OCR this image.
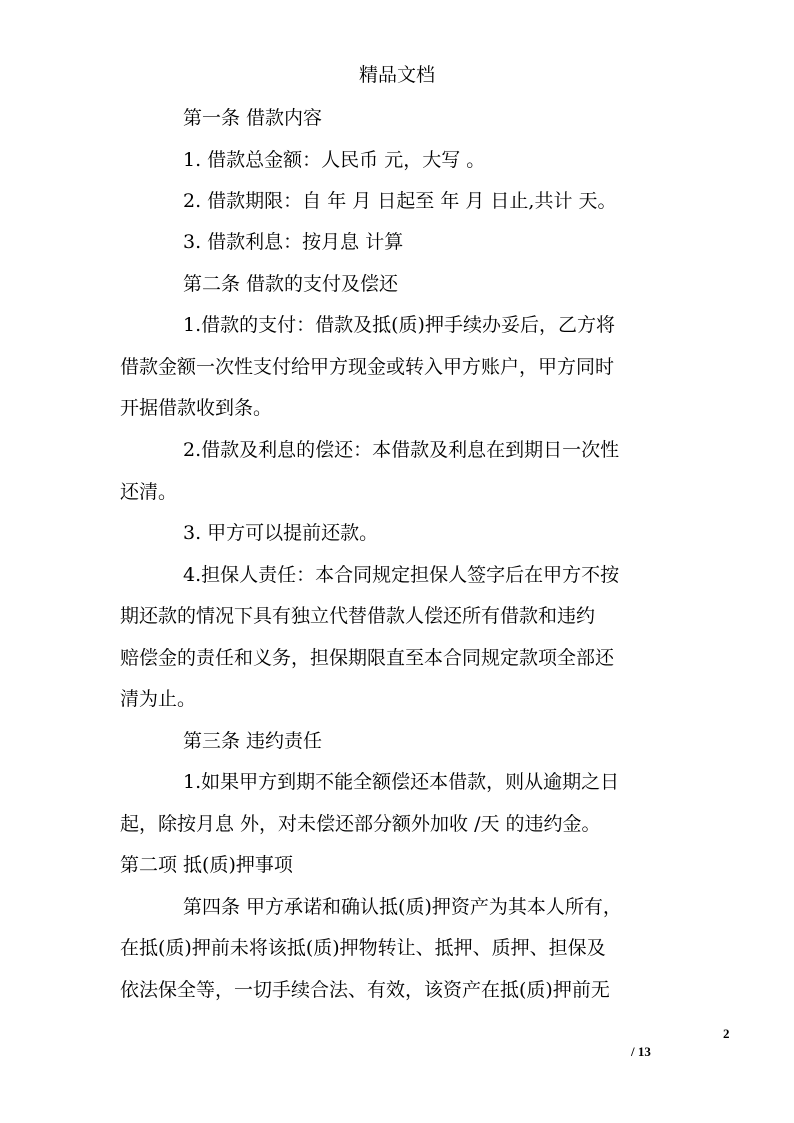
精品文档
第一条 借款内容
1. 借款总金额：人民币 元，大写 。
2. 借款期限：自 年 月 日起至 年 月 日止,共计 天。
3. 借款利息：按月息 计算
第二条 借款的支付及偿还
1.借款的支付：借款及抵(质)押手续办妥后，乙方将
借款金额一次性支付给甲方现金或转入甲方账户，甲方同时
开据借款收到条。
2.借款及利息的偿还：本借款及利息在到期日一次性
还清。
3. 甲方可以提前还款。
4.担保人责任：本合同规定担保人签字后在甲方不按
期还款的情况下具有独立代替借款人偿还所有借款和违约
赔偿金的责任和义务，担保期限直至本合同规定款项全部还
清为止。
第三条 违约责任
1.如果甲方到期不能全额偿还本借款，则从逾期之日
起，除按月息 外，对未偿还部分额外加收 /天 的违约金。
第二项 抵(质)押事项
第四条 甲方承诺和确认抵(质)押资产为其本人所有，
在抵(质)押前未将该抵(质)押物转让、抵押、质押、担保及
依法保全等，一切手续合法、有效，该资产在抵(质)押前无
2
/ 13
